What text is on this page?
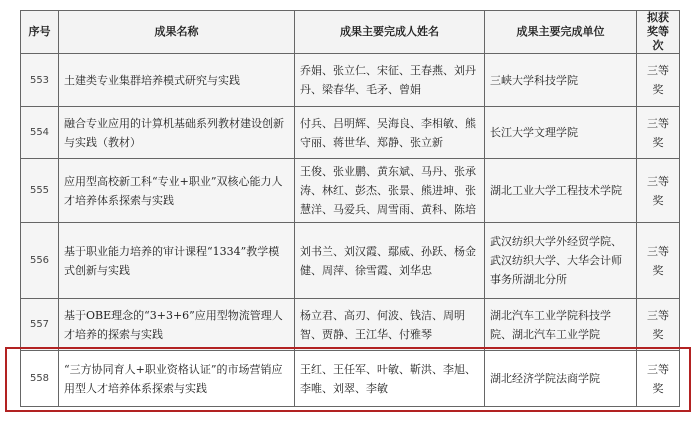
序号	成果名称	成果主要完成人姓名	成果主要完成单位	拟获奖等次
553	土建类专业集群培养模式研究与实践	乔娟、张立仁、宋征、王春燕、刘丹丹、梁春华、毛矛、曾娟	三峡大学科技学院	三等奖
554	融合专业应用的计算机基础系列教材建设创新与实践（教材）	付兵、吕明辉、吴海良、李相敏、熊守丽、蒋世华、郑静、张立新	长江大学文理学院	三等奖
555	应用型高校新工科“专业+职业”双核心能力人才培养体系探索与实践	王俊、张业鹏、黄东斌、马丹、张承涛、林红、彭杰、张景、熊进坤、张慧洋、马爱兵、周雪雨、黄科、陈培	湖北工业大学工程技术学院	三等奖
556	基于职业能力培养的审计课程“1334”教学模式创新与实践	刘书兰、刘汉霞、鄢威、孙跃、杨金健、周萍、徐雪霞、刘华忠	武汉纺织大学外经贸学院、武汉纺织大学、大华会计师事务所湖北分所	三等奖
557	基于OBE理念的“3+3+6”应用型物流管理人才培养的探索与实践	杨立君、高刃、何波、钱洁、周明智、贾静、王江华、付雅琴	湖北汽车工业学院科技学院、湖北汽车工业学院	三等奖
558	“三方协同育人+职业资格认证”的市场营销应用型人才培养体系探索与实践	王红、王任军、叶敏、靳洪、李旭、李唯、刘翠、李敏	湖北经济学院法商学院	三等奖
